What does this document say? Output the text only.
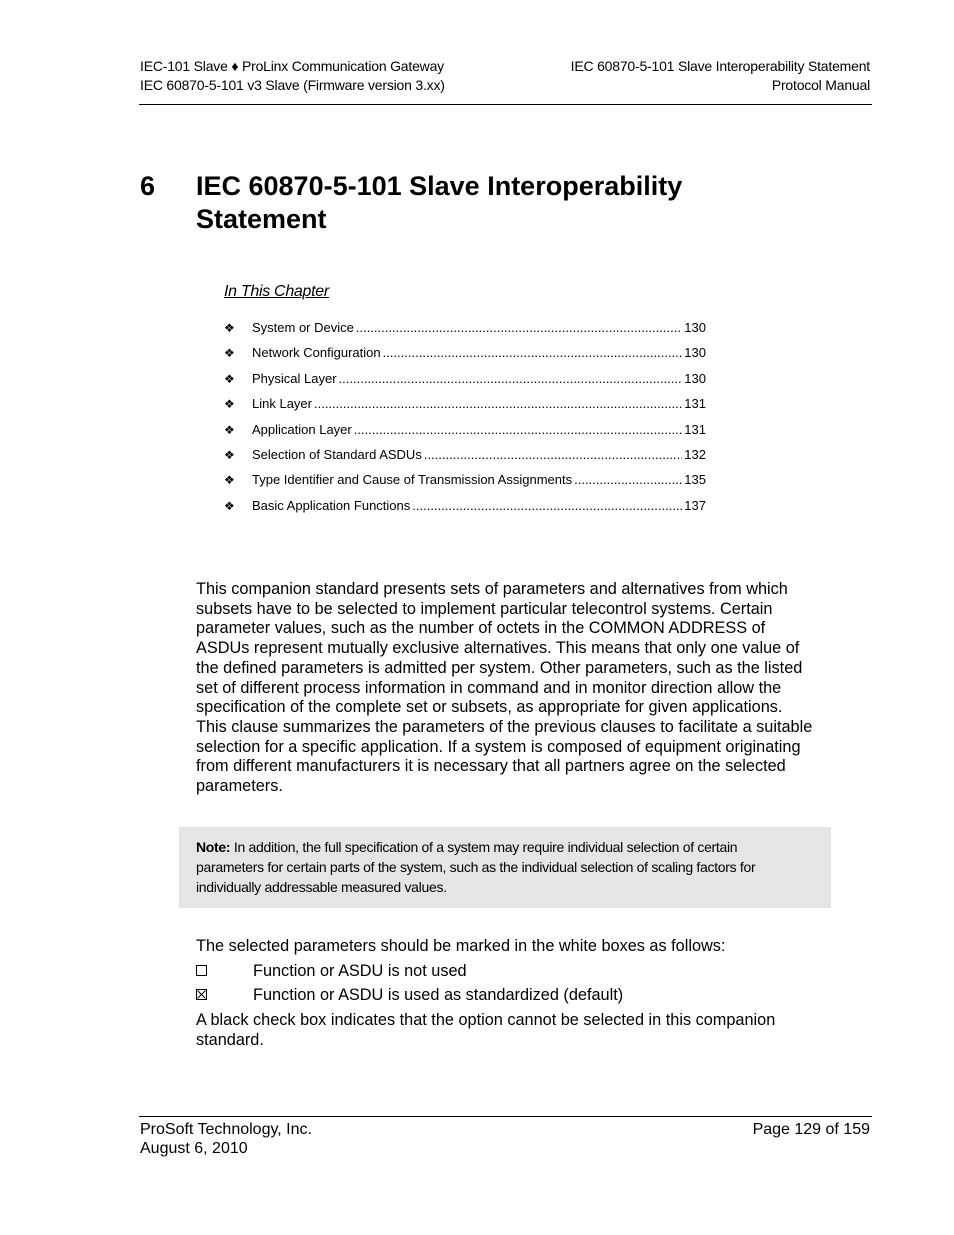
IEC-101 Slave ♦ ProLinx Communication Gateway
IEC 60870-5-101 v3 Slave (Firmware version 3.xx)
IEC 60870-5-101 Slave Interoperability Statement
Protocol Manual
6 IEC 60870-5-101 Slave Interoperability
Statement
In This Chapter
❖	System or Device .....	130
❖	Network Configuration .....	130
❖	Physical Layer .....	130
❖	Link Layer .....	131
❖	Application Layer .....	131
❖	Selection of Standard ASDUs .....	132
❖	Type Identifier and Cause of Transmission Assignments .....	135
❖	Basic Application Functions .....	137
This companion standard presents sets of parameters and alternatives from which subsets have to be selected to implement particular telecontrol systems. Certain parameter values, such as the number of octets in the COMMON ADDRESS of ASDUs represent mutually exclusive alternatives. This means that only one value of the defined parameters is admitted per system. Other parameters, such as the listed set of different process information in command and in monitor direction allow the specification of the complete set or subsets, as appropriate for given applications. This clause summarizes the parameters of the previous clauses to facilitate a suitable selection for a specific application. If a system is composed of equipment originating from different manufacturers it is necessary that all partners agree on the selected parameters.
Note: In addition, the full specification of a system may require individual selection of certain parameters for certain parts of the system, such as the individual selection of scaling factors for individually addressable measured values.
The selected parameters should be marked in the white boxes as follows:
Function or ASDU is not used
Function or ASDU is used as standardized (default)
A black check box indicates that the option cannot be selected in this companion standard.
ProSoft Technology, Inc.
August 6, 2010
Page 129 of 159
